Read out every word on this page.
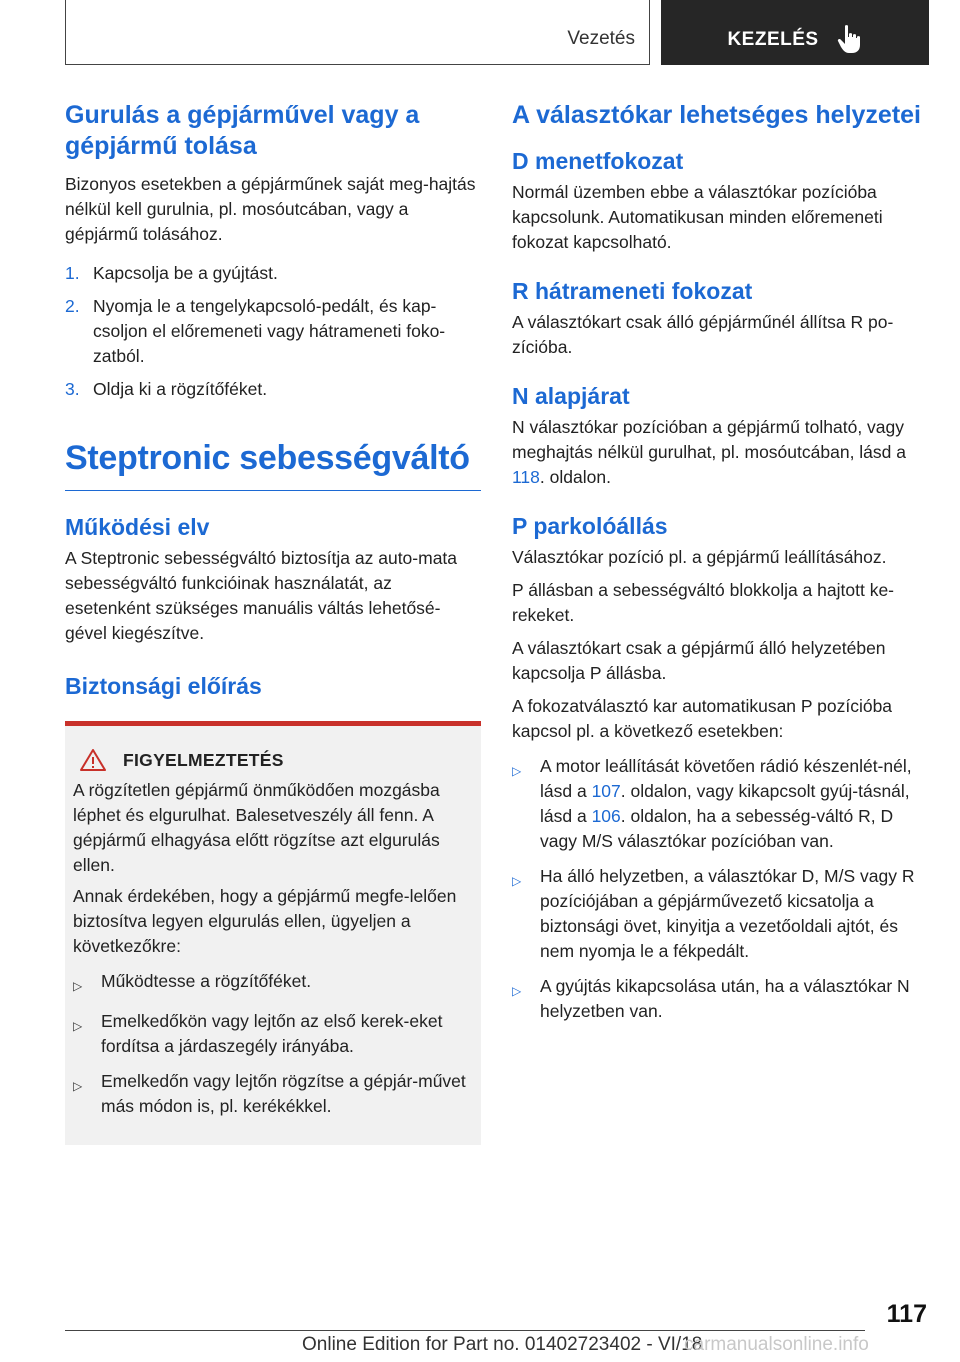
Vezetés	KEZELÉS
Gurulás a gépjárművel vagy a gépjármű tolása

Bizonyos esetekben a gépjárműnek saját meg-hajtás nélkül kell gurulnia, pl. mosóutcában, vagy a gépjármű tolásához.

1. Kapcsolja be a gyújtást.
2. Nyomja le a tengelykapcsoló-pedált, és kap-csoljon el előremeneti vagy hátrameneti foko-zatból.
3. Oldja ki a rögzítőféket.
Steptronic sebességváltó
Működési elv

A Steptronic sebességváltó biztosítja az auto-mata sebességváltó funkcióinak használatát, az esetenként szükséges manuális váltás lehetősé-gével kiegészítve.

Biztonsági előírás
FIGYELMEZTETÉS

A rögzítetlen gépjármű önműködően mozgásba léphet és elgurulhat. Balesetveszély áll fenn. A gépjármű elhagyása előtt rögzítse azt elgurulás ellen.

Annak érdekében, hogy a gépjármű megfe-lelően biztosítva legyen elgurulás ellen, ügyeljen a következőkre:

▷	Működtesse a rögzítőféket.
▷	Emelkedőkön vagy lejtőn az első kerek-eket fordítsa a járdaszegély irányába.
▷	Emelkedőn vagy lejtőn rögzítse a gépjár-művet más módon is, pl. kerékékkel.
A választókar lehetséges helyzetei
D menetfokozat

Normál üzemben ebbe a választókar pozícióba kapcsolunk. Automatikusan minden előremeneti fokozat kapcsolható.

R hátrameneti fokozat

A választókart csak álló gépjárműnél állítsa R po-zícióba.

N alapjárat

N választókar pozícióban a gépjármű tolható, vagy meghajtás nélkül gurulhat, pl. mosóutcában, lásd a 118. oldalon.

P parkolóállás

Választókar pozíció pl. a gépjármű leállításához.

P állásban a sebességváltó blokkolja a hajtott ke-rekeket.

A választókart csak a gépjármű álló helyzetében kapcsolja P állásba.

A fokozatválasztó kar automatikusan P pozícióba kapcsol pl. a következő esetekben:

▷	A motor leállítását követően rádió készenlét-nél, lásd a 107. oldalon, vagy kikapcsolt gyúj-tásnál, lásd a 106. oldalon, ha a sebesség-váltó R, D vagy M/S választókar pozícióban van.
▷	Ha álló helyzetben, a választókar D, M/S vagy R pozíciójában a gépjárművezető kicsatolja a biztonsági övet, kinyitja a vezetőoldali ajtót, és nem nyomja le a fékpedált.
▷	A gyújtás kikapcsolása után, ha a választókar N helyzetben van.
117
Online Edition for Part no. 01402723402 - VI/18
carmanualsonline.info
